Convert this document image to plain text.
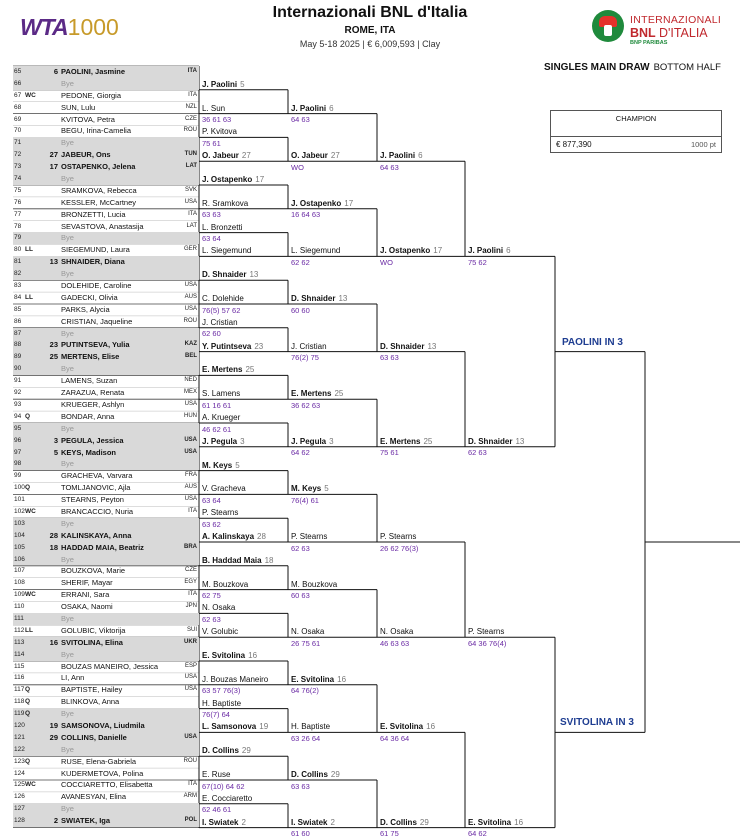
WTA1000
Internazionali BNL d'Italia
ROME, ITA
May 5-18 2025 | € 6,009,593 | Clay
INTERNAZIONALI
BNL D'ITALIA
BNP PARIBAS
SINGLES MAIN DRAW BOTTOM HALF
CHAMPION
€ 877,390	1000 pt
65	6 PAOLINI, Jasmine	ITA
66	Bye
67 WC	PEDONE, Giorgia	ITA
68	SUN, Lulu	NZL
69	KVITOVA, Petra	CZE
70	BEGU, Irina-Camelia	ROU
71	Bye
72	27 JABEUR, Ons	TUN
73	17 OSTAPENKO, Jelena	LAT
74	Bye
75	SRAMKOVA, Rebecca	SVK
76	KESSLER, McCartney	USA
77	BRONZETTI, Lucia	ITA
78	SEVASTOVA, Anastasija	LAT
79	Bye
80 LL	SIEGEMUND, Laura	GER
81	13 SHNAIDER, Diana
82	Bye
83	DOLEHIDE, Caroline	USA
84 LL	GADECKI, Olivia	AUS
85	PARKS, Alycia	USA
86	CRISTIAN, Jaqueline	ROU
87	Bye
88	23 PUTINTSEVA, Yulia	KAZ
89	25 MERTENS, Elise	BEL
90	Bye
91	LAMENS, Suzan	NED
92	ZARAZUA, Renata	MEX
93	KRUEGER, Ashlyn	USA
94 Q	BONDAR, Anna	HUN
95	Bye
96	3 PEGULA, Jessica	USA
97	5 KEYS, Madison	USA
98	Bye
99	GRACHEVA, Varvara	FRA
100 Q	TOMLJANOVIC, Ajla	AUS
101	STEARNS, Peyton	USA
102 WC	BRANCACCIO, Nuria	ITA
103	Bye
104	28 KALINSKAYA, Anna
105	18 HADDAD MAIA, Beatriz	BRA
106	Bye
107	BOUZKOVA, Marie	CZE
108	SHERIF, Mayar	EGY
109 WC	ERRANI, Sara	ITA
110	OSAKA, Naomi	JPN
111	Bye
112 LL	GOLUBIC, Viktorija	SUI
113	16 SVITOLINA, Elina	UKR
114	Bye
115	BOUZAS MANEIRO, Jessica	ESP
116	LI, Ann	USA
117 Q	BAPTISTE, Hailey	USA
118 Q	BLINKOVA, Anna
119 Q	Bye
120	19 SAMSONOVA, Liudmila
121	29 COLLINS, Danielle	USA
122	Bye
123 Q	RUSE, Elena-Gabriela	ROU
124	KUDERMETOVA, Polina
125 WC	COCCIARETTO, Elisabetta	ITA
126	AVANESYAN, Elina	ARM
127	Bye
128	2 SWIATEK, Iga	POL
J. Paolini 5
L. Sun
36 61 63
P. Kvitova
75 61
O. Jabeur 27
J. Ostapenko 17
R. Sramkova
63 63
L. Bronzetti
63 64
L. Siegemund
D. Shnaider 13
C. Dolehide
76(5) 57 62
J. Cristian
62 60
Y. Putintseva 23
E. Mertens 25
S. Lamens
61 16 61
A. Krueger
46 62 61
J. Pegula 3
M. Keys 5
V. Gracheva
63 64
P. Stearns
63 62
A. Kalinskaya 28
B. Haddad Maia 18
M. Bouzkova
62 75
N. Osaka
62 63
V. Golubic
E. Svitolina 16
J. Bouzas Maneiro
63 57 76(3)
H. Baptiste
76(7) 64
L. Samsonova 19
D. Collins 29
E. Ruse
67(10) 64 62
E. Cocciaretto
62 46 61
I. Swiatek 2
J. Paolini 6
64 63
O. Jabeur 27
WO
J. Ostapenko 17
16 64 63
L. Siegemund
62 62
D. Shnaider 13
60 60
J. Cristian
76(2) 75
E. Mertens 25
36 62 63
J. Pegula 3
64 62
M. Keys 5
76(4) 61
P. Stearns
62 63
M. Bouzkova
60 63
N. Osaka
26 75 61
E. Svitolina 16
64 76(2)
H. Baptiste
63 26 64
D. Collins 29
63 63
I. Swiatek 2
61 60
J. Paolini 6
64 63
J. Ostapenko 17
WO
D. Shnaider 13
63 63
E. Mertens 25
75 61
P. Stearns
26 62 76(3)
N. Osaka
46 63 63
E. Svitolina 16
64 36 64
D. Collins 29
61 75
J. Paolini 6
75 62
D. Shnaider 13
62 63
P. Stearns
64 36 76(4)
E. Svitolina 16
64 62
PAOLINI IN 3
SVITOLINA IN 3
